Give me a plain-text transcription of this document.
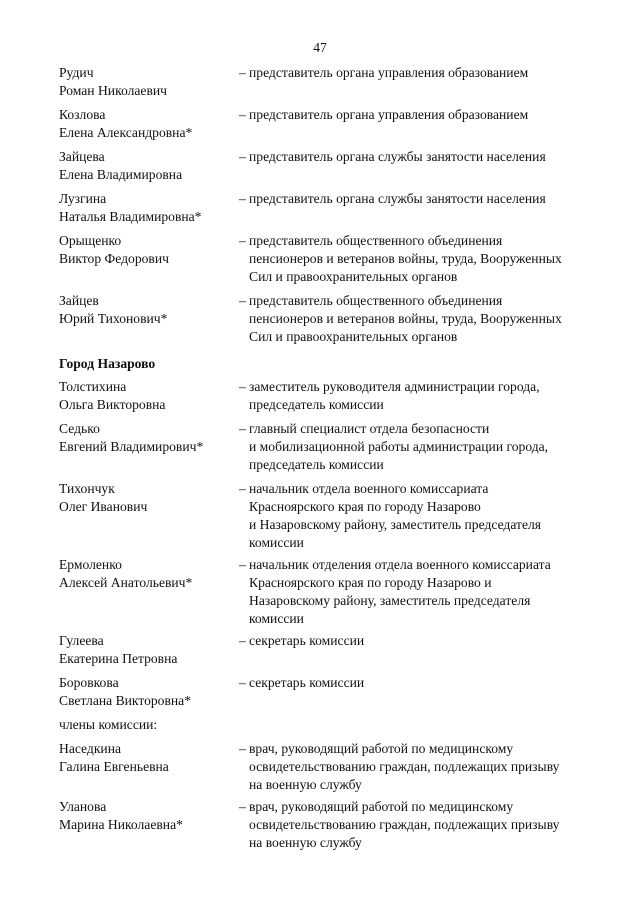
47
Рудич
Роман Николаевич
– представитель органа управления образованием
Козлова
Елена Александровна*
– представитель органа управления образованием
Зайцева
Елена Владимировна
– представитель органа службы занятости населения
Лузгина
Наталья Владимировна*
– представитель органа службы занятости населения
Орыщенко
Виктор Федорович
– представитель общественного объединения
пенсионеров и ветеранов войны, труда, Вооруженных
Сил и правоохранительных органов
Зайцев
Юрий Тихонович*
– представитель общественного объединения
пенсионеров и ветеранов войны, труда, Вооруженных
Сил и правоохранительных органов
Город Назарово
Толстихина
Ольга Викторовна
– заместитель руководителя администрации города,
председатель комиссии
Седько
Евгений Владимирович*
– главный специалист отдела безопасности
и мобилизационной работы администрации города,
председатель комиссии
Тихончук
Олег Иванович
– начальник отдела военного комиссариата
Красноярского края по городу Назарово
и Назаровскому району, заместитель председателя
комиссии
Ермоленко
Алексей Анатольевич*
– начальник отделения отдела военного комиссариата
Красноярского края по городу Назарово и
Назаровскому району, заместитель председателя
комиссии
Гулеева
Екатерина Петровна
– секретарь комиссии
Боровкова
Светлана Викторовна*
– секретарь комиссии
члены комиссии:
Наседкина
Галина Евгеньевна
– врач, руководящий работой по медицинскому
освидетельствованию граждан, подлежащих призыву
на военную службу
Уланова
Марина Николаевна*
– врач, руководящий работой по медицинскому
освидетельствованию граждан, подлежащих призыву
на военную службу
